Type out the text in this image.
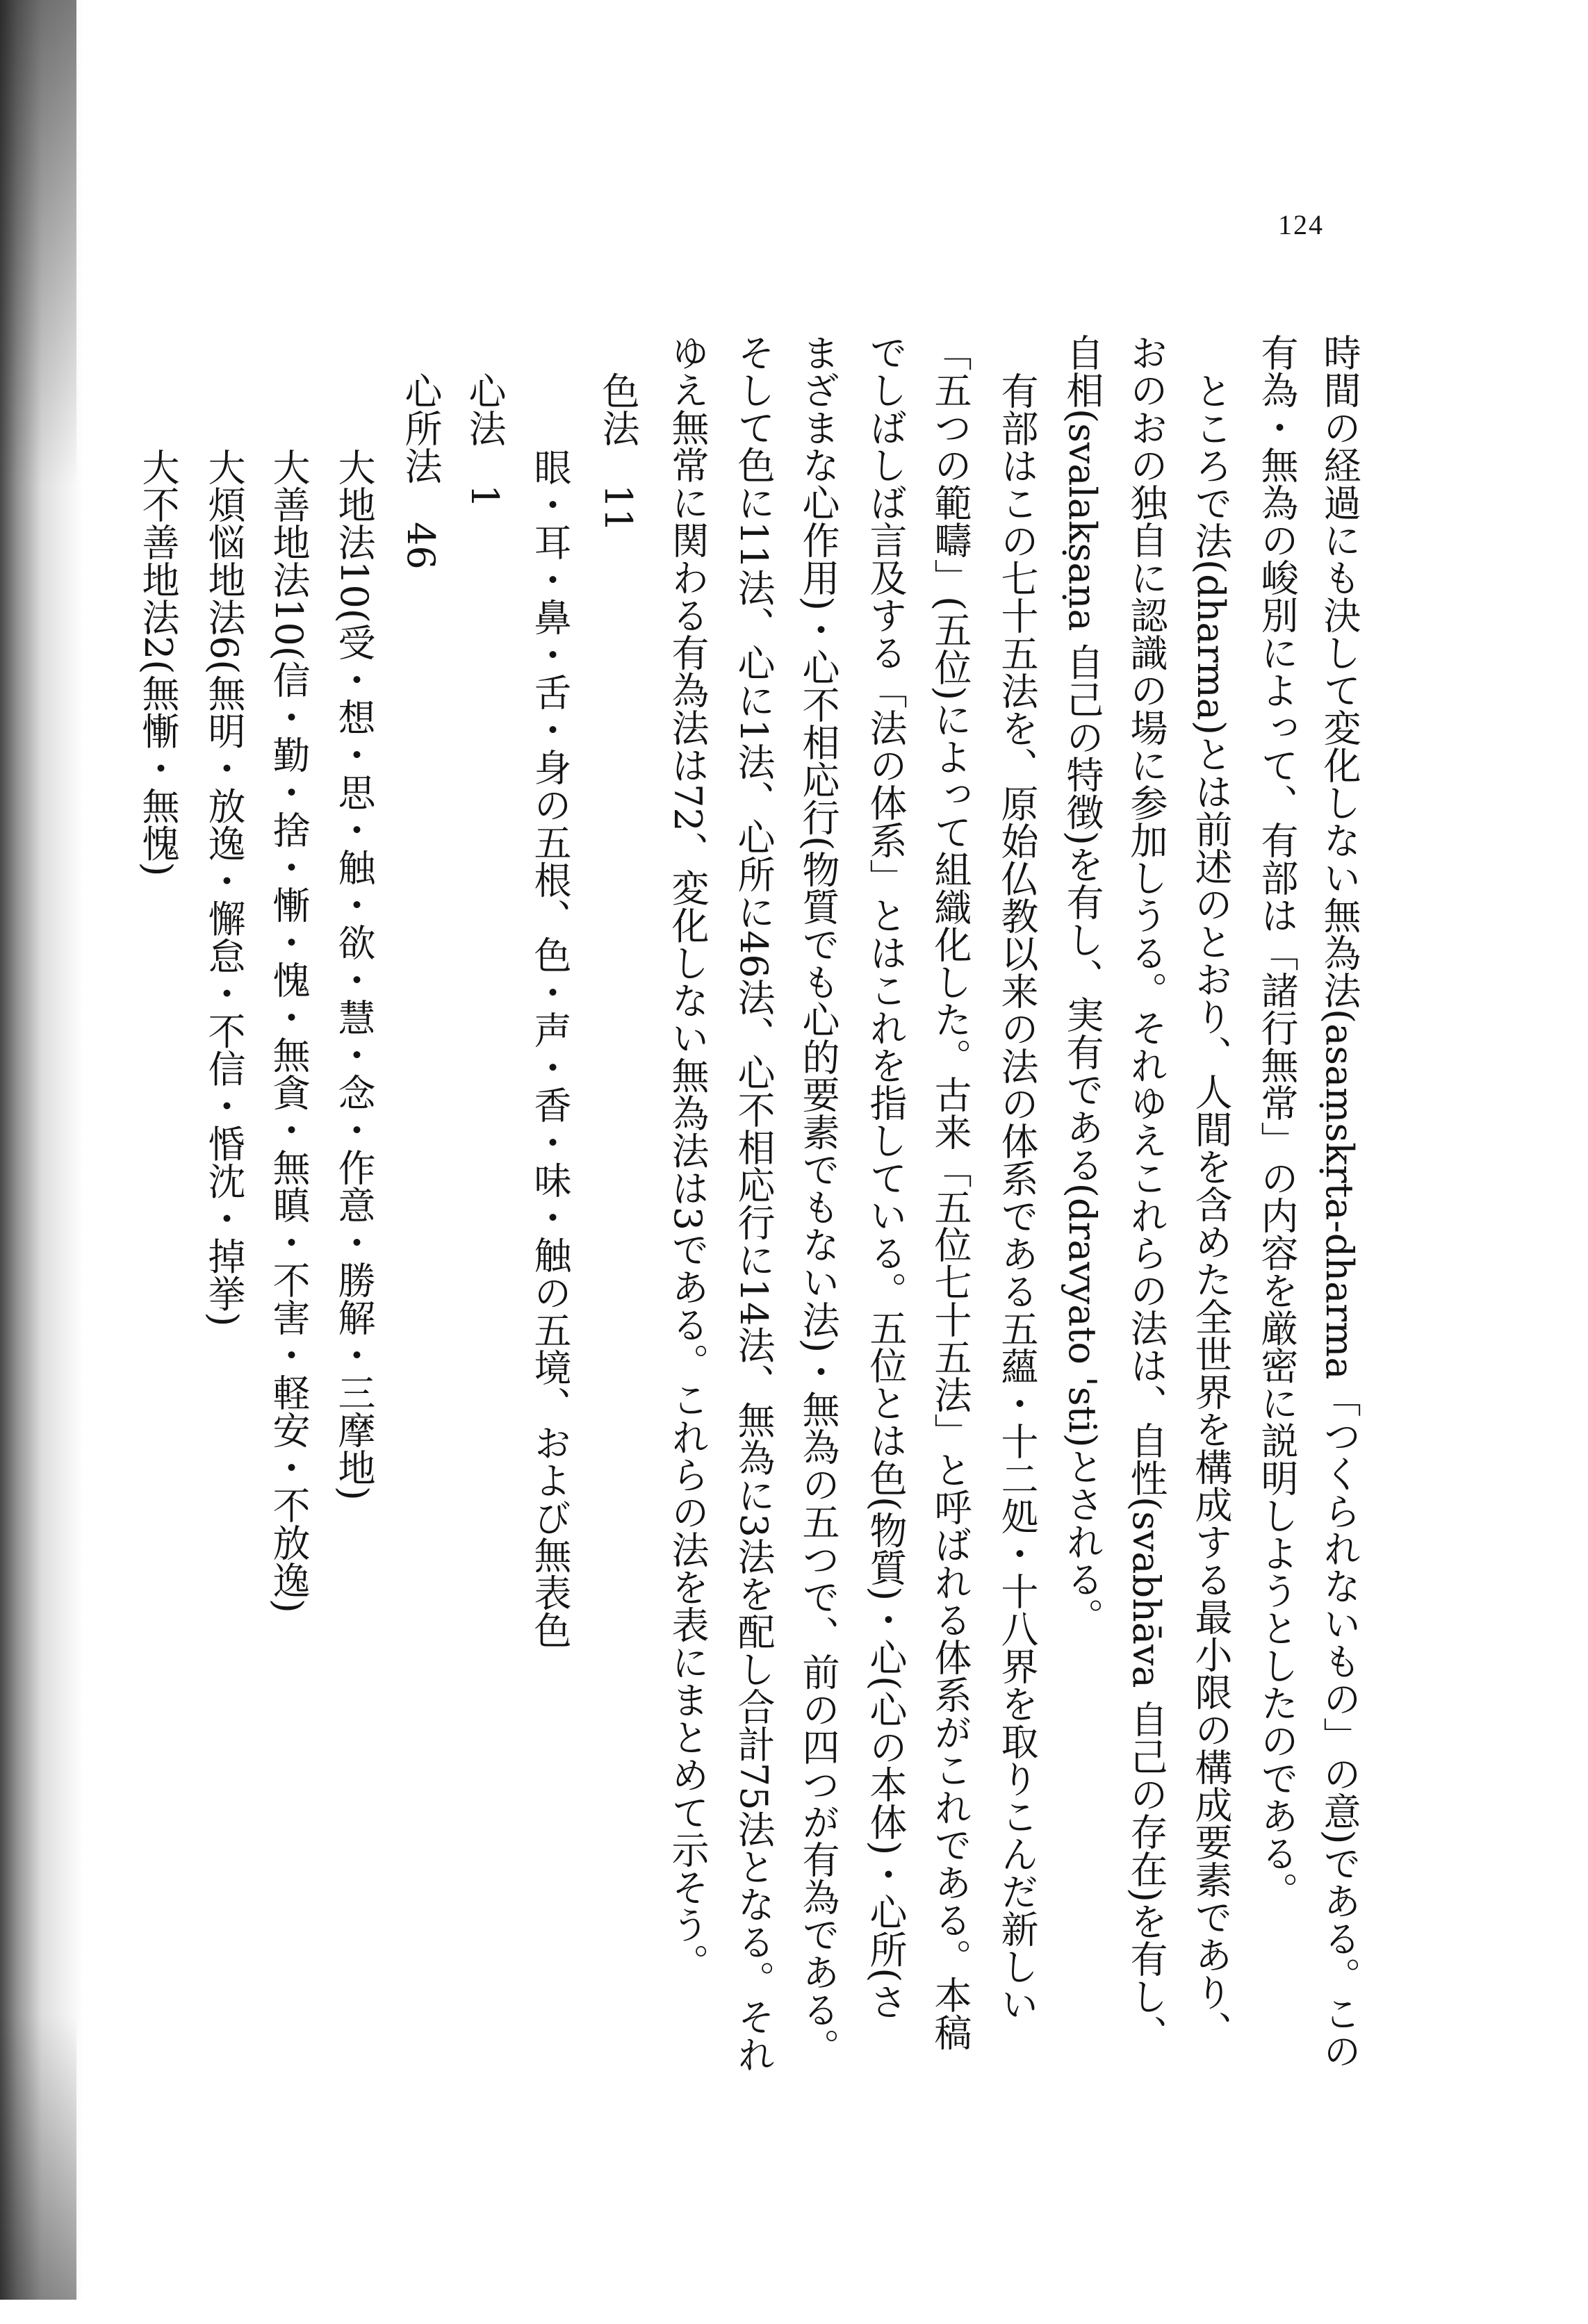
124

時間の経過にも決して変化しない無為法(asaṃskṛta-dharma「つくられないもの」の意)である。この

有為・無為の峻別によって、有部は「諸行無常」の内容を厳密に説明しようとしたのである。

ところで法(dharma)とは前述のとおり、人間を含めた全世界を構成する最小限の構成要素であり、

おのおの独自に認識の場に参加しうる。それゆえこれらの法は、自性(svabhāva 自己の存在)を有し、

自相(svalakṣaṇa 自己の特徴)を有し、実有である(dravyato 'sti)とされる。

有部はこの七十五法を、原始仏教以来の法の体系である五蘊・十二処・十八界を取りこんだ新しい

「五つの範疇」(五位)によって組織化した。古来「五位七十五法」と呼ばれる体系がこれである。本稿

でしばしば言及する「法の体系」とはこれを指している。五位とは色(物質)・心(心の本体)・心所(さ

まざまな心作用)・心不相応行(物質でも心的要素でもない法)・無為の五つで、前の四つが有為である。

そして色に11法、心に1法、心所に46法、心不相応行に14法、無為に3法を配し合計75法となる。それ

ゆえ無常に関わる有為法は72、変化しない無為法は3である。これらの法を表にまとめて示そう。

色法　11

眼・耳・鼻・舌・身の五根、色・声・香・味・触の五境、および無表色

心法　1

心所法　46

大地法10(受・想・思・触・欲・慧・念・作意・勝解・三摩地)

大善地法10(信・勤・捨・慚・愧・無貪・無瞋・不害・軽安・不放逸)

大煩悩地法6(無明・放逸・懈怠・不信・惛沈・掉挙)

大不善地法2(無慚・無愧)
